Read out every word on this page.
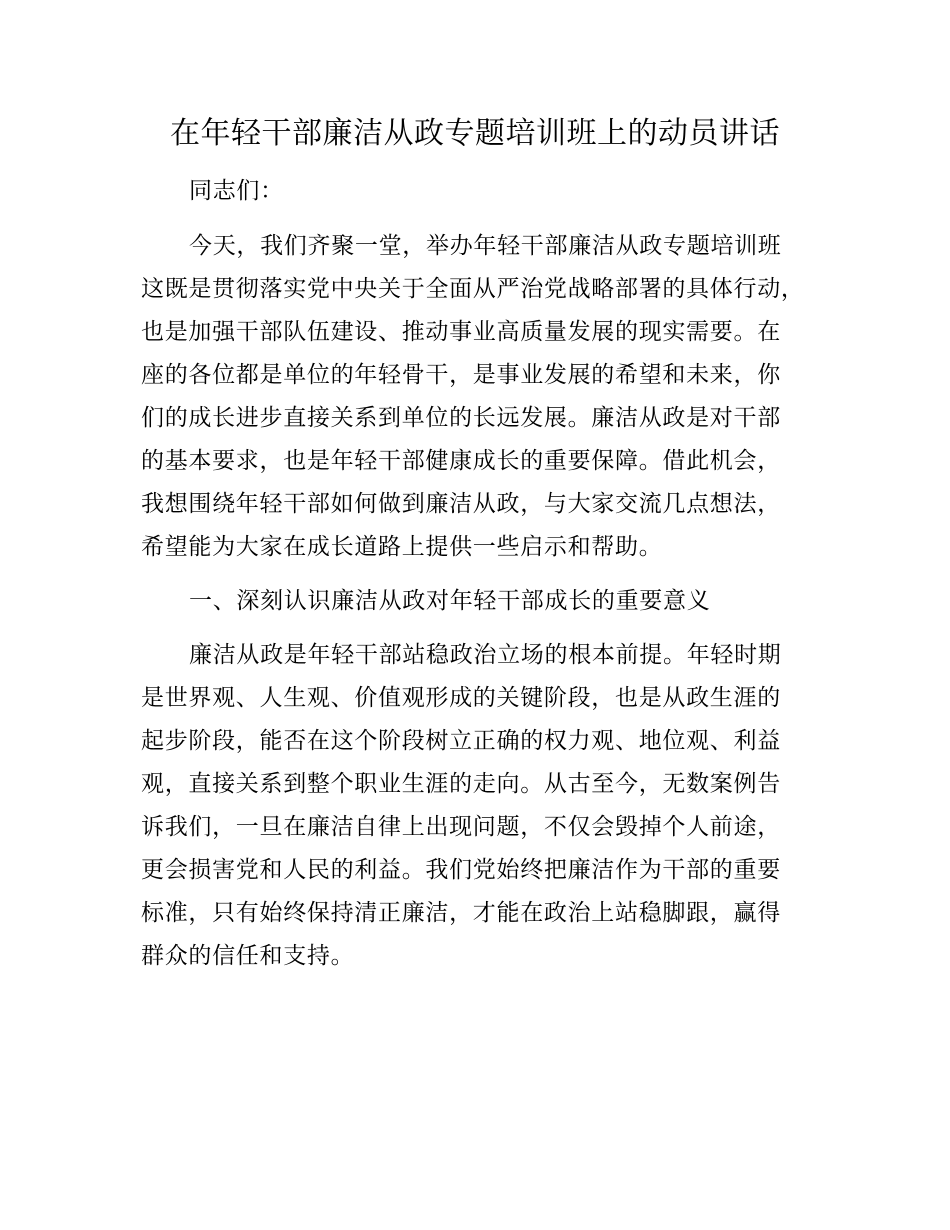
在年轻干部廉洁从政专题培训班上的动员讲话

同志们：

今天，我们齐聚一堂，举办年轻干部廉洁从政专题培训班

这既是贯彻落实党中央关于全面从严治党战略部署的具体行动，

也是加强干部队伍建设、推动事业高质量发展的现实需要。在

座的各位都是单位的年轻骨干，是事业发展的希望和未来，你

们的成长进步直接关系到单位的长远发展。廉洁从政是对干部

的基本要求，也是年轻干部健康成长的重要保障。借此机会，

我想围绕年轻干部如何做到廉洁从政，与大家交流几点想法，

希望能为大家在成长道路上提供一些启示和帮助。

一、深刻认识廉洁从政对年轻干部成长的重要意义

廉洁从政是年轻干部站稳政治立场的根本前提。年轻时期

是世界观、人生观、价值观形成的关键阶段，也是从政生涯的

起步阶段，能否在这个阶段树立正确的权力观、地位观、利益

观，直接关系到整个职业生涯的走向。从古至今，无数案例告

诉我们，一旦在廉洁自律上出现问题，不仅会毁掉个人前途，

更会损害党和人民的利益。我们党始终把廉洁作为干部的重要

标准，只有始终保持清正廉洁，才能在政治上站稳脚跟，赢得

群众的信任和支持。
